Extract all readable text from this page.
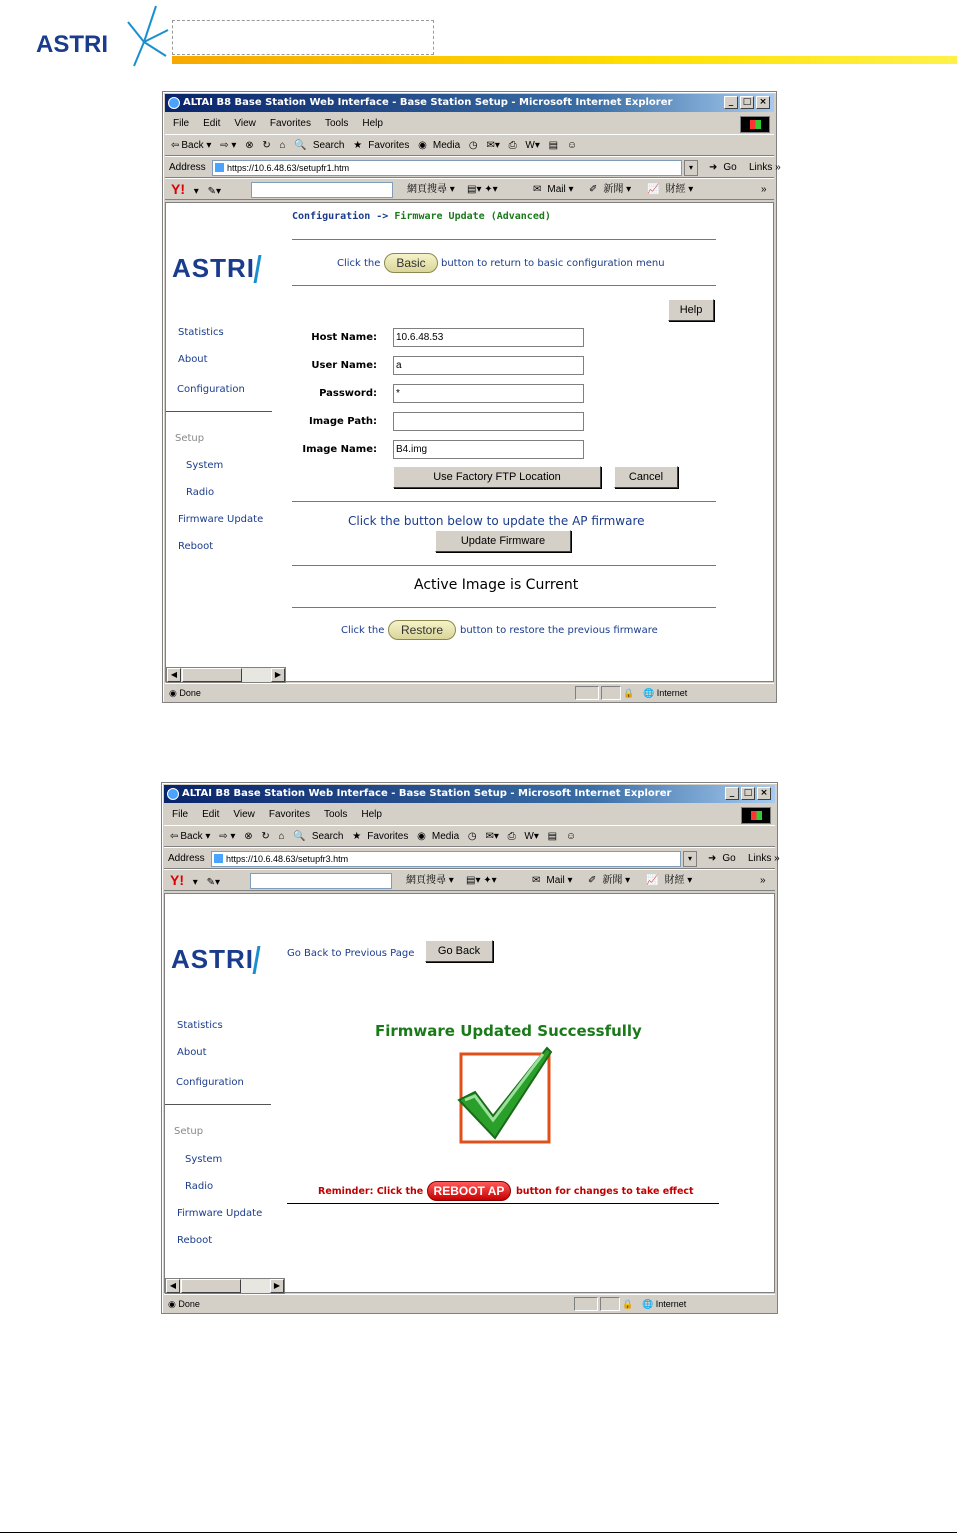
ASTRI
ALTAI B8 Base Station Web Interface - Base Station Setup - Microsoft Internet Explorer	_	□ ×
File Edit View Favorites Tools Help
⇦ Back ▾ ⇨ ▾ ⊗ ↻ ⌂ 🔍 Search ★ Favorites ◉ Media ◷ ✉▾ ⎙ W▾ ▤ ☺
Address	https://10.6.48.63/setupfr1.htm	▾	➜ Go	Links »
Y! ▾ ✎▾	網頁搜尋 ▾ ▤▾ ✦▾	✉ Mail ▾ ✐ 新聞 ▾ 📈 財經 ▾	»
ASTRI
Statistics
About
Configuration
Setup
System
Radio
Firmware Update
Reboot
◀	▶
Configuration -> Firmware Update (Advanced)
Click the	Basic	button to return to basic configuration menu
Help
Host Name:	10.6.48.53
User Name:	a
Password:	*
Image Path:
Image Name:	B4.img
Use Factory FTP Location	Cancel
Click the button below to update the AP firmware
Update Firmware
Active Image is Current
Click the	Restore	button to restore the previous firmware
◉ Done	🔒 🌐 Internet
ALTAI B8 Base Station Web Interface - Base Station Setup - Microsoft Internet Explorer	_	□ ×
File Edit View Favorites Tools Help
⇦ Back ▾ ⇨ ▾ ⊗ ↻ ⌂ 🔍 Search ★ Favorites ◉ Media ◷ ✉▾ ⎙ W▾ ▤ ☺
Address	https://10.6.48.63/setupfr3.htm	▾	➜ Go	Links »
Y! ▾ ✎▾	網頁搜尋 ▾ ▤▾ ✦▾	✉ Mail ▾ ✐ 新聞 ▾ 📈 財經 ▾	»
ASTRI
Statistics
About
Configuration
Setup
System
Radio
Firmware Update
Reboot
◀	▶
Go Back to Previous Page	Go Back
Firmware Updated Successfully
Reminder: Click the REBOOT AP	button for changes to take effect
◉ Done	🔒 🌐 Internet
